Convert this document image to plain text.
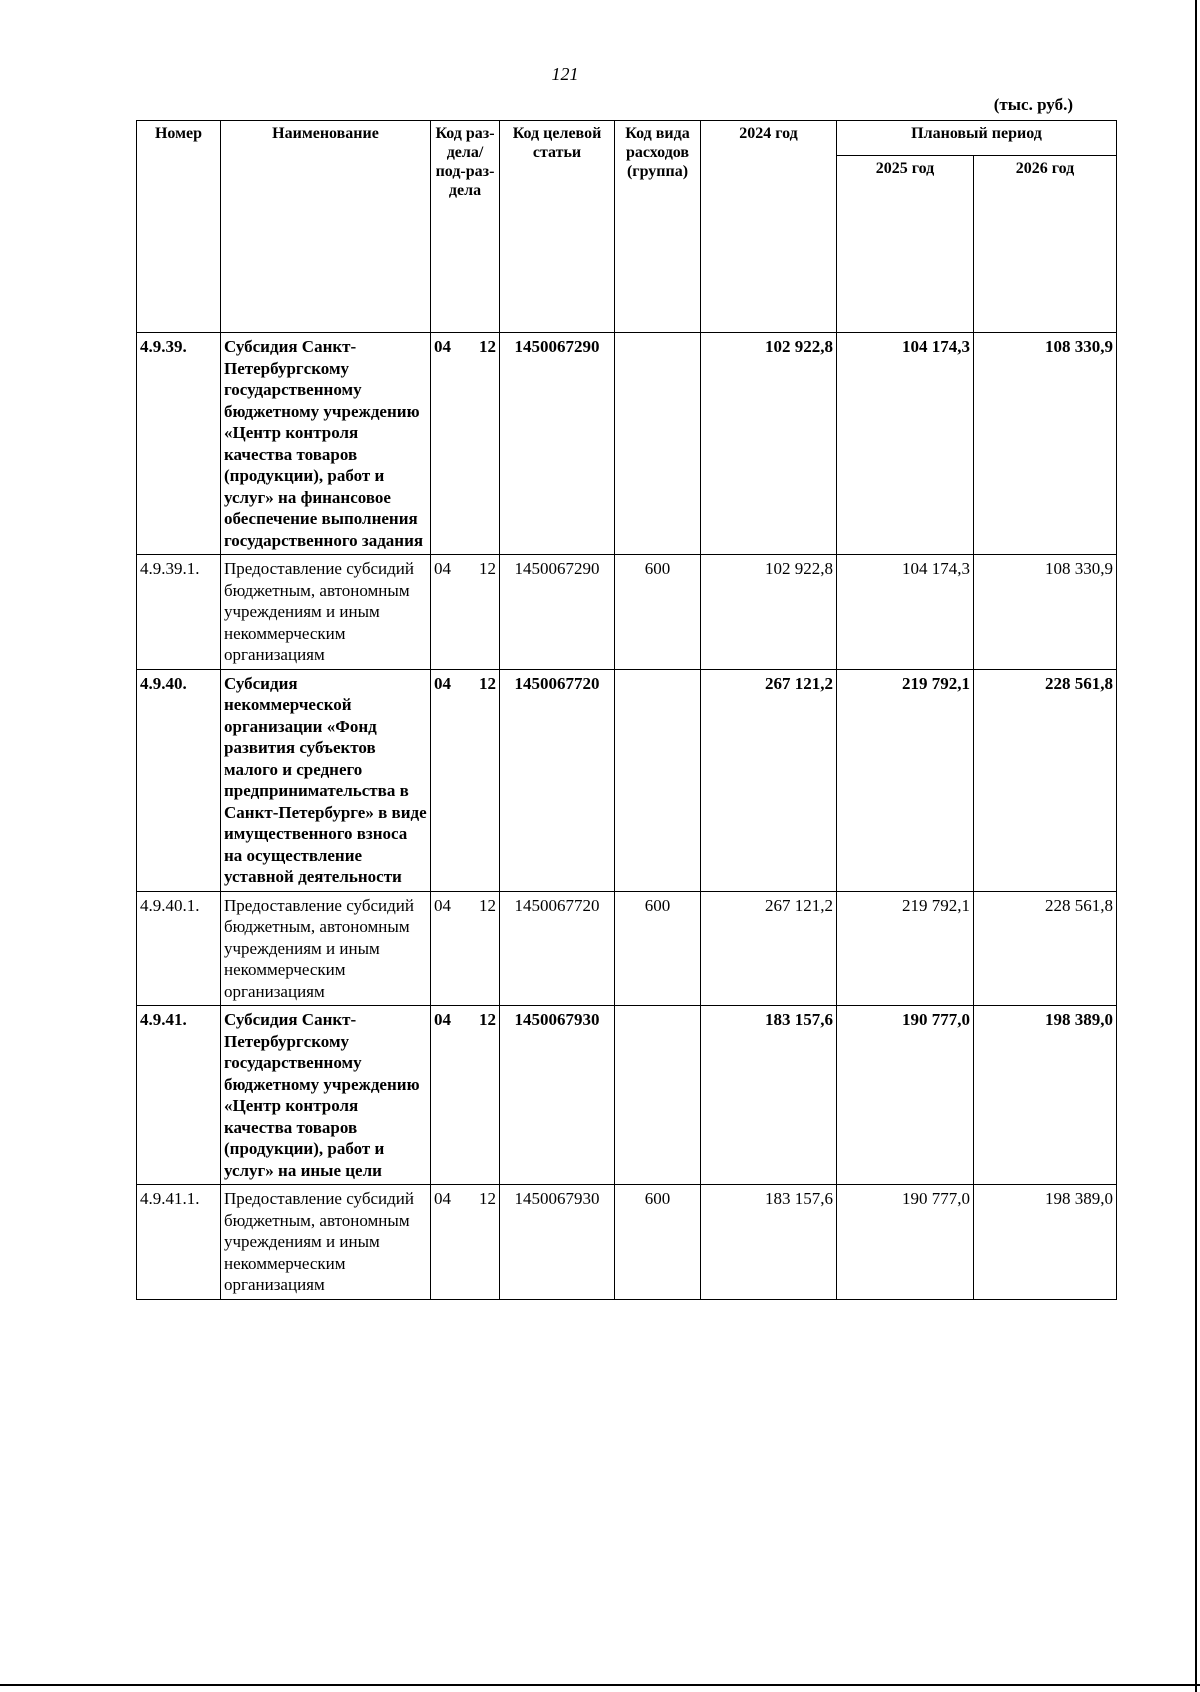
121
(тыс. руб.)
Номер	Наименование	Код раз-дела/ под-раз-дела	Код целевой статьи	Код вида расходов (группа)	2024 год	Плановый период	
						2025 год	2026 год
4.9.39.	Субсидия Санкт-Петербургскому государственному бюджетному учреждению «Центр контроля качества товаров (продукции), работ и услуг» на финансовое обеспечение выполнения государственного задания	04 12	1450067290		102 922,8	104 174,3	108 330,9
4.9.39.1.	Предоставление субсидий бюджетным, автономным учреждениям и иным некоммерческим организациям	04 12	1450067290	600	102 922,8	104 174,3	108 330,9
4.9.40.	Субсидия некоммерческой организации «Фонд развития субъектов малого и среднего предпринимательства в Санкт-Петербурге» в виде имущественного взноса на осуществление уставной деятельности	04 12	1450067720		267 121,2	219 792,1	228 561,8
4.9.40.1.	Предоставление субсидий бюджетным, автономным учреждениям и иным некоммерческим организациям	04 12	1450067720	600	267 121,2	219 792,1	228 561,8
4.9.41.	Субсидия Санкт-Петербургскому государственному бюджетному учреждению «Центр контроля качества товаров (продукции), работ и услуг» на иные цели	04 12	1450067930		183 157,6	190 777,0	198 389,0
4.9.41.1.	Предоставление субсидий бюджетным, автономным учреждениям и иным некоммерческим организациям	04 12	1450067930	600	183 157,6	190 777,0	198 389,0
